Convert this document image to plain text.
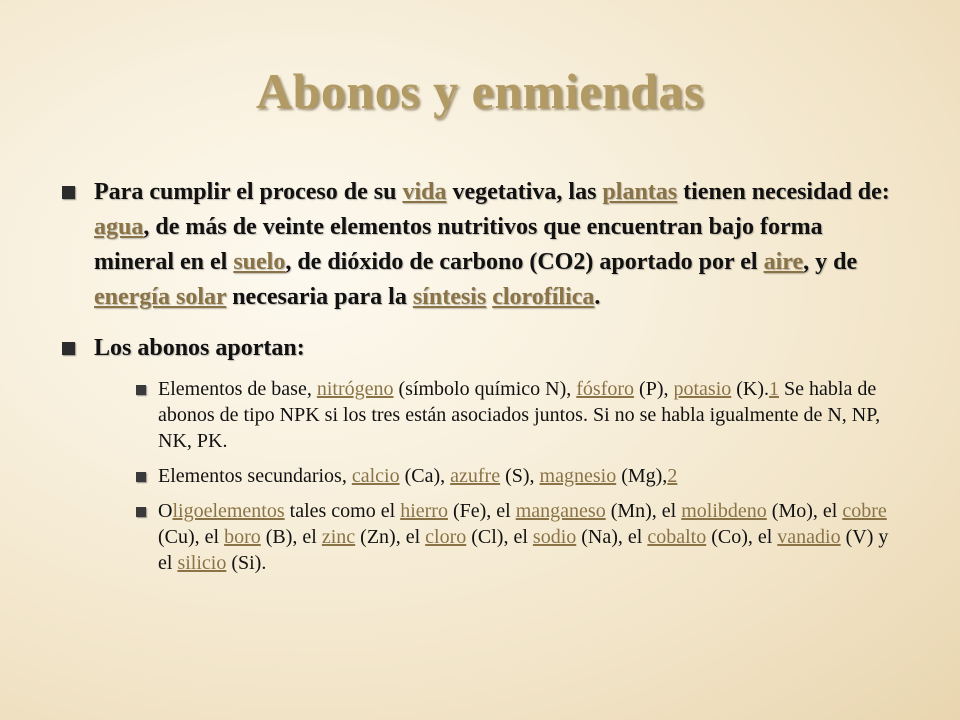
Abonos y enmiendas
Para cumplir el proceso de su vida vegetativa, las plantas tienen necesidad de: agua, de más de veinte elementos nutritivos que encuentran bajo forma mineral en el suelo, de dióxido de carbono (CO2) aportado por el aire, y de energía solar necesaria para la síntesis clorofílica.
Los abonos aportan:
Elementos de base, nitrógeno (símbolo químico N), fósforo (P), potasio (K).1 Se habla de abonos de tipo NPK si los tres están asociados juntos. Si no se habla igualmente de N, NP, NK, PK.
Elementos secundarios, calcio (Ca), azufre (S), magnesio (Mg),2
Oligoelementos tales como el hierro (Fe), el manganeso (Mn), el molibdeno (Mo), el cobre (Cu), el boro (B), el zinc (Zn), el cloro (Cl), el sodio (Na), el cobalto (Co), el vanadio (V) y el silicio (Si).
